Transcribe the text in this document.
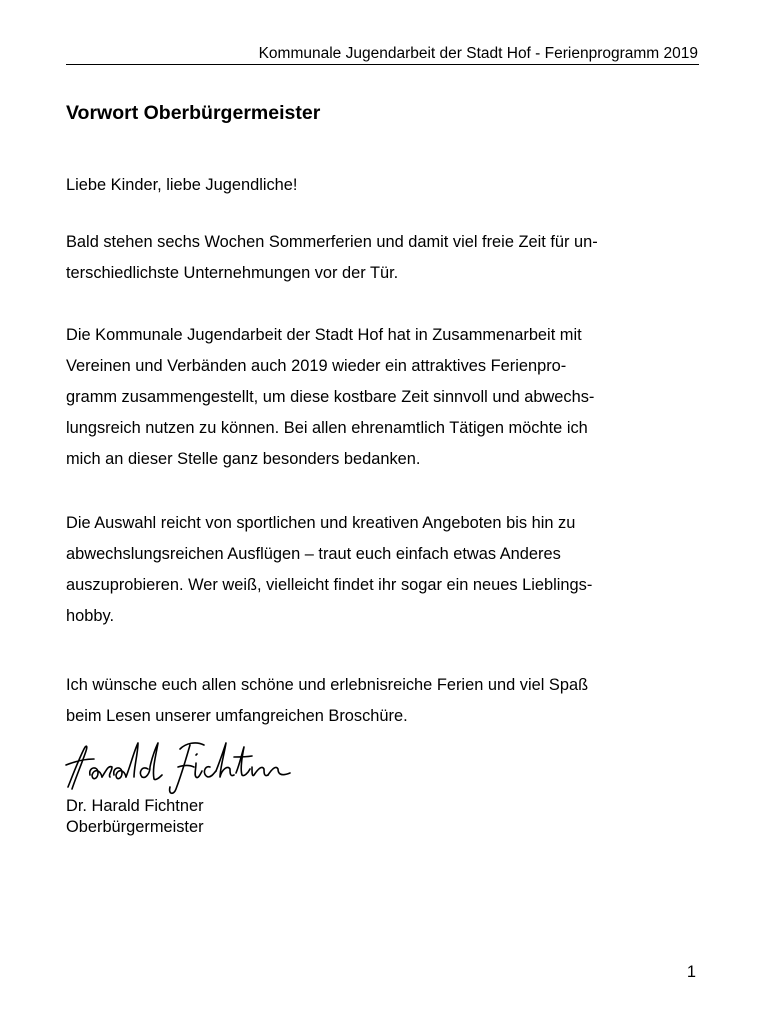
Kommunale Jugendarbeit der Stadt Hof - Ferienprogramm 2019
Vorwort Oberbürgermeister

Liebe Kinder, liebe Jugendliche!

Bald stehen sechs Wochen Sommerferien und damit viel freie Zeit für un-
terschiedlichste Unternehmungen vor der Tür.

Die Kommunale Jugendarbeit der Stadt Hof hat in Zusammenarbeit mit
Vereinen und Verbänden auch 2019 wieder ein attraktives Ferienpro-
gramm zusammengestellt, um diese kostbare Zeit sinnvoll und abwechs-
lungsreich nutzen zu können. Bei allen ehrenamtlich Tätigen möchte ich
mich an dieser Stelle ganz besonders bedanken.

Die Auswahl reicht von sportlichen und kreativen Angeboten bis hin zu
abwechslungsreichen Ausflügen – traut euch einfach etwas Anderes
auszuprobieren. Wer weiß, vielleicht findet ihr sogar ein neues Lieblings-
hobby.

Ich wünsche euch allen schöne und erlebnisreiche Ferien und viel Spaß
beim Lesen unserer umfangreichen Broschüre.

Dr. Harald Fichtner
Oberbürgermeister
1
